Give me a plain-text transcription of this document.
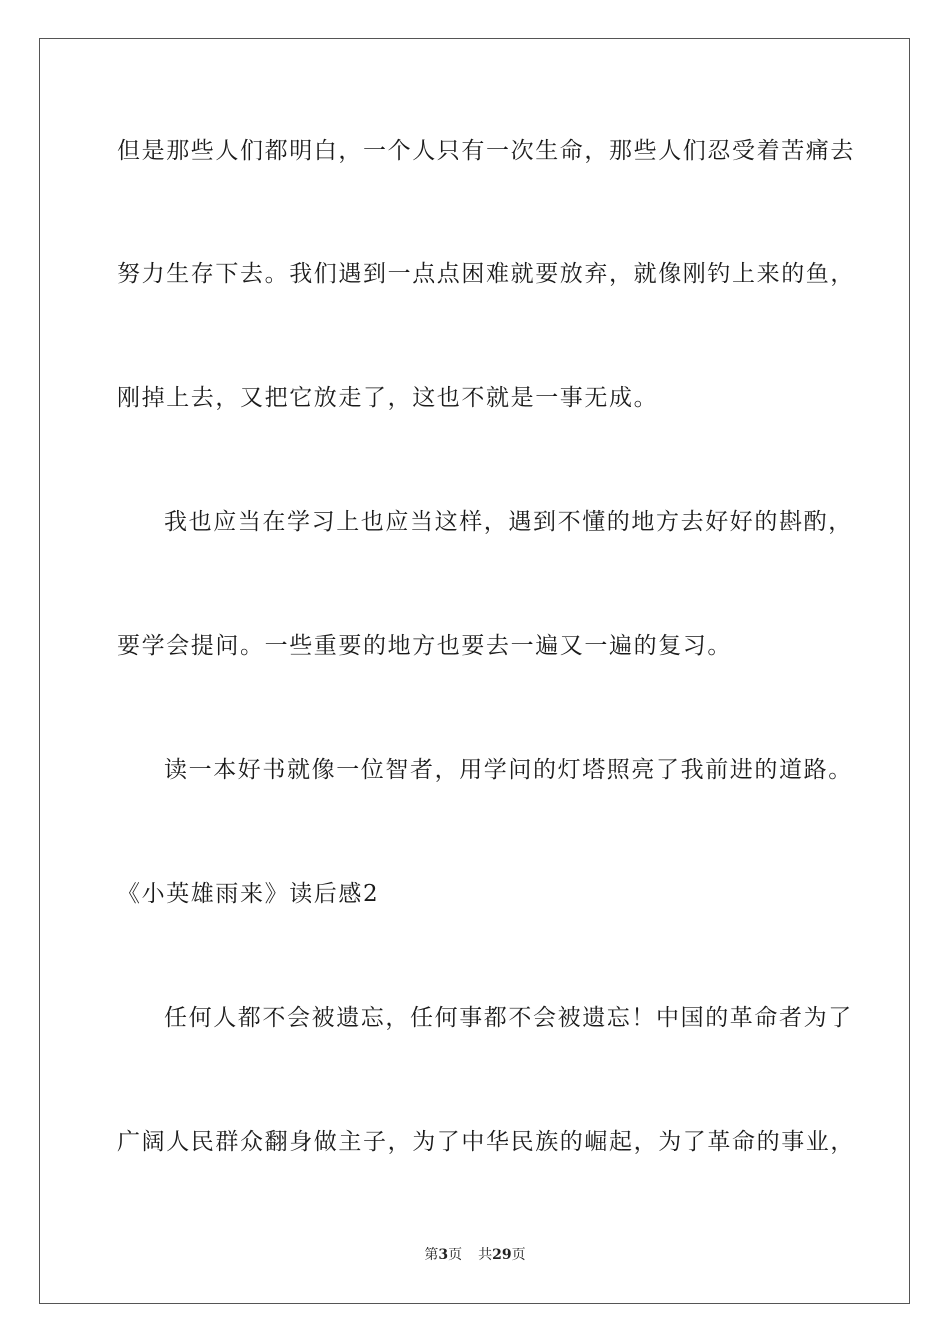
但是那些人们都明白，一个人只有一次生命，那些人们忍受着苦痛去
努力生存下去。我们遇到一点点困难就要放弃，就像刚钓上来的鱼，
刚掉上去，又把它放走了，这也不就是一事无成。
我也应当在学习上也应当这样，遇到不懂的地方去好好的斟酌，
要学会提问。一些重要的地方也要去一遍又一遍的复习。
读一本好书就像一位智者，用学问的灯塔照亮了我前进的道路。
《小英雄雨来》读后感2
任何人都不会被遗忘，任何事都不会被遗忘！中国的革命者为了
广阔人民群众翻身做主子，为了中华民族的崛起，为了革命的事业，
第3页 共29页
